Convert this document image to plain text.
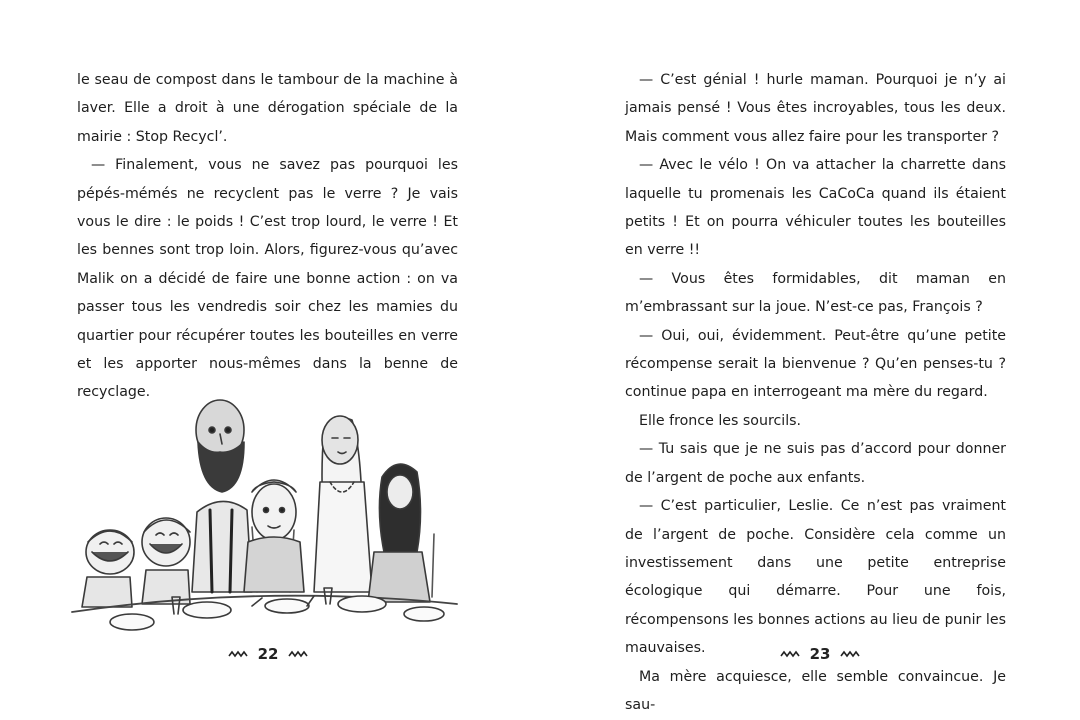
le seau de compost dans le tambour de la machine à laver. Elle a droit à une dérogation spéciale de la mairie : Stop Recycl’.

— Finalement, vous ne savez pas pourquoi les pépés-mémés ne recyclent pas le verre ? Je vais vous le dire : le poids ! C’est trop lourd, le verre ! Et les bennes sont trop loin. Alors, figurez-vous qu’avec Malik on a décidé de faire une bonne action : on va passer tous les vendredis soir chez les mamies du quartier pour récupérer toutes les bouteilles en verre et les apporter nous-mêmes dans la benne de recyclage.

22

— C’est génial ! hurle maman. Pourquoi je n’y ai jamais pensé ! Vous êtes incroyables, tous les deux. Mais comment vous allez faire pour les transporter ?

— Avec le vélo ! On va attacher la charrette dans laquelle tu promenais les CaCoCa quand ils étaient petits ! Et on pourra véhiculer toutes les bouteilles en verre !!

— Vous êtes formidables, dit maman en m’embrassant sur la joue. N’est-ce pas, François ?

— Oui, oui, évidemment. Peut-être qu’une petite récompense serait la bienvenue ? Qu’en penses-tu ? continue papa en interrogeant ma mère du regard.

Elle fronce les sourcils.

— Tu sais que je ne suis pas d’accord pour donner de l’argent de poche aux enfants.

— C’est particulier, Leslie. Ce n’est pas vraiment de l’argent de poche. Considère cela comme un investissement dans une petite entreprise écologique qui démarre. Pour une fois, récompensons les bonnes actions au lieu de punir les mauvaises.

Ma mère acquiesce, elle semble convaincue. Je sau-

23
